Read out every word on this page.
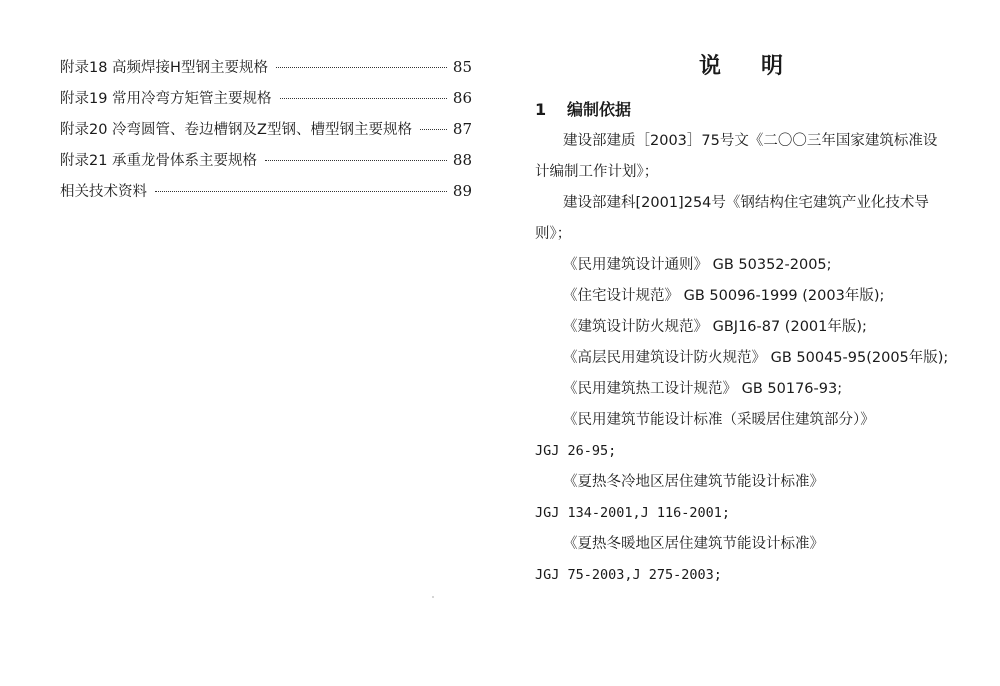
附录18 高频焊接H型钢主要规格	85
附录19 常用冷弯方矩管主要规格	86
附录20 冷弯圆管、卷边槽钢及Z型钢、槽型钢主要规格	87
附录21 承重龙骨体系主要规格	88
相关技术资料	89
说明
1	编制依据
建设部建质［2003］75号文《二〇〇三年国家建筑标准设
计编制工作计划》；
建设部建科[2001]254号《钢结构住宅建筑产业化技术导
则》；
《民用建筑设计通则》 GB 50352-2005;
《住宅设计规范》 GB 50096-1999 (2003年版);
《建筑设计防火规范》 GBJ16-87 (2001年版);
《高层民用建筑设计防火规范》 GB 50045-95(2005年版);
《民用建筑热工设计规范》 GB 50176-93;
《民用建筑节能设计标准（采暖居住建筑部分）》
JGJ 26-95;
《夏热冬冷地区居住建筑节能设计标准》
JGJ 134-2001,J 116-2001;
《夏热冬暖地区居住建筑节能设计标准》
JGJ 75-2003,J 275-2003;
